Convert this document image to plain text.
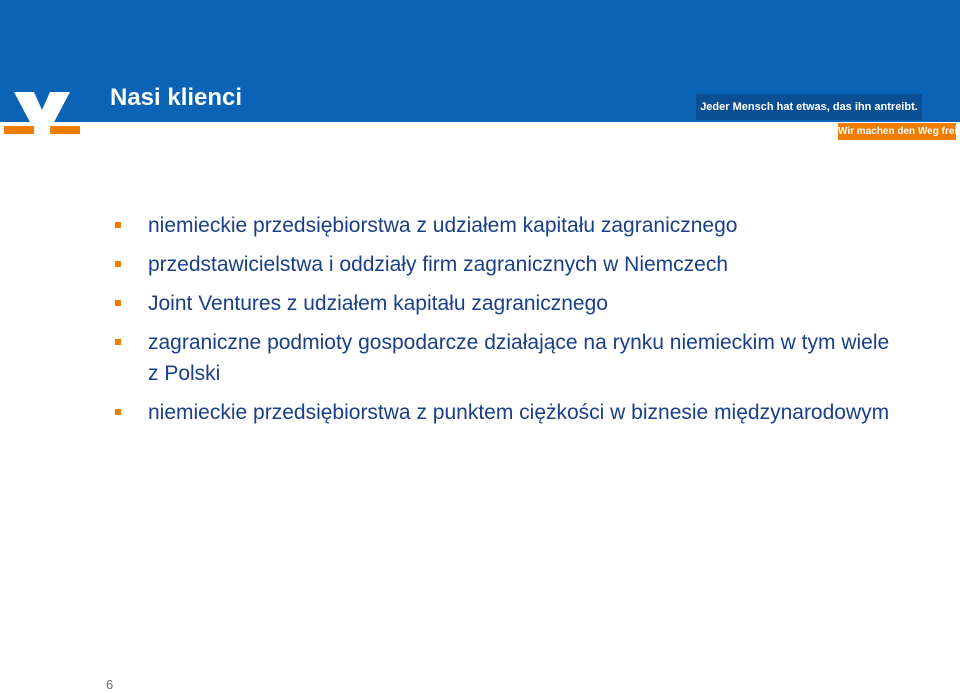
Nasi klienci	Jeder Mensch hat etwas, das ihn antreibt.
Wir machen den Weg frei.
niemieckie przedsiębiorstwa z udziałem kapitału zagranicznego
przedstawicielstwa i oddziały firm zagranicznych w Niemczech
Joint Ventures z udziałem kapitału zagranicznego
zagraniczne podmioty gospodarcze działające na rynku niemieckim w tym wiele z Polski
niemieckie przedsiębiorstwa z punktem ciężkości w biznesie międzynarodowym
6
